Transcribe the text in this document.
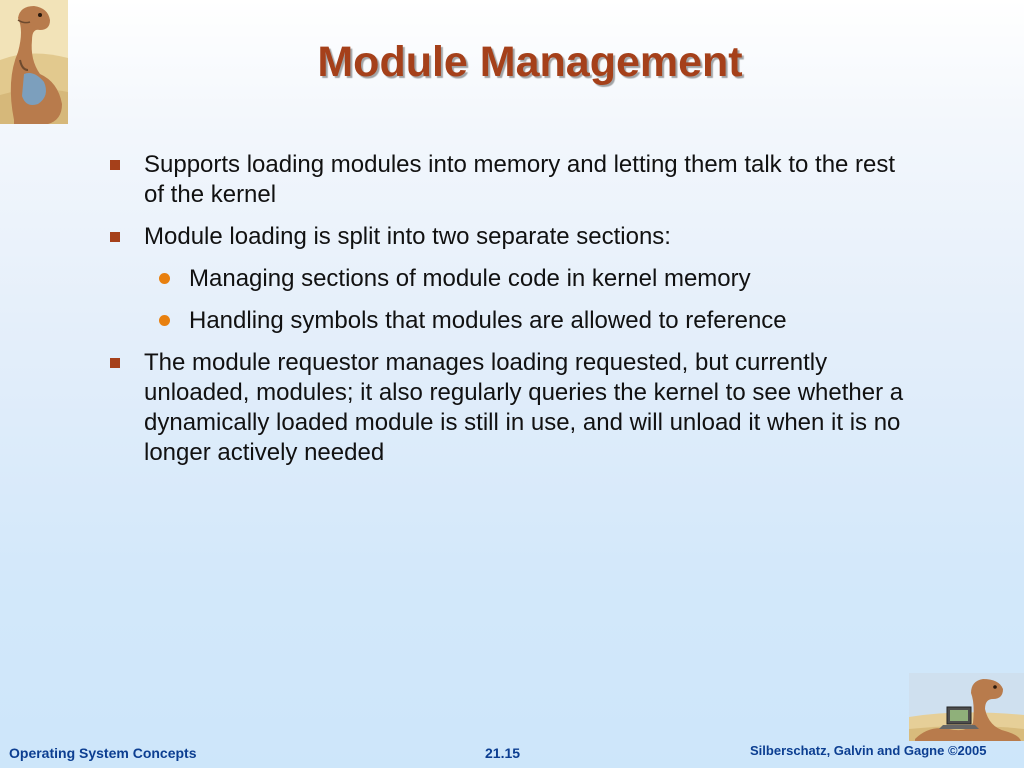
Module Management
Supports loading modules into memory and letting them talk to the rest of the kernel
Module loading is split into two separate sections:
Managing sections of module code in kernel memory
Handling symbols that modules are allowed to reference
The module requestor manages loading requested, but currently unloaded, modules; it also regularly queries the kernel to see whether a dynamically loaded module is still in use, and will unload it when it is no longer actively needed
Operating System Concepts	21.15	Silberschatz, Galvin and Gagne ©2005
